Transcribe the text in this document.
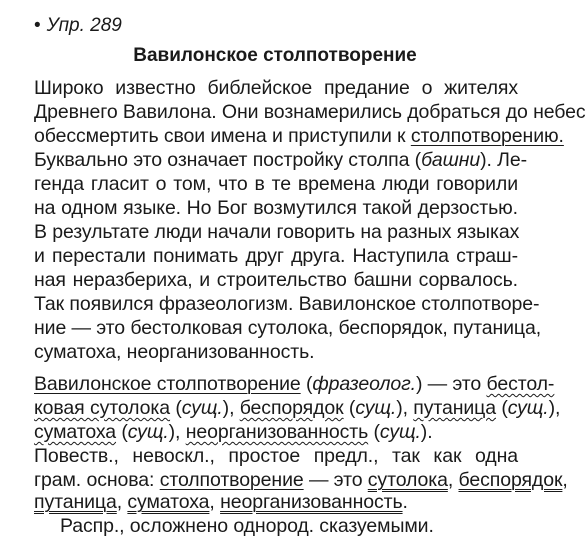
• Упр. 289
Вавилонское столпотворение
Широко известно библейское предание о жителях
Древнего Вавилона. Они вознамерились добраться до небес
обессмертить свои имена и приступили к столпотворению.
Буквально это означает постройку столпа (башни). Ле-
генда гласит о том, что в те времена люди говорили
на одном языке. Но Бог возмутился такой дерзостью.
В результате люди начали говорить на разных языках
и перестали понимать друг друга. Наступила страш-
ная неразбериха, и строительство башни сорвалось.
Так появился фразеологизм. Вавилонское столпотворе-
ние — это бестолковая сутолока, беспорядок, путаница,
суматоха, неорганизованность.
Вавилонское столпотворение (фразеолог.) — это бестол-
ковая сутолока (сущ.), беспорядок (сущ.), путаница (сущ.),
суматоха (сущ.), неорганизованность (сущ.).
Повеств., невоскл., простое предл., так как одна
грам. основа: столпотворение — это сутолока, беспорядок,
путаница, суматоха, неорганизованность.
Распр., осложнено однород. сказуемыми.
